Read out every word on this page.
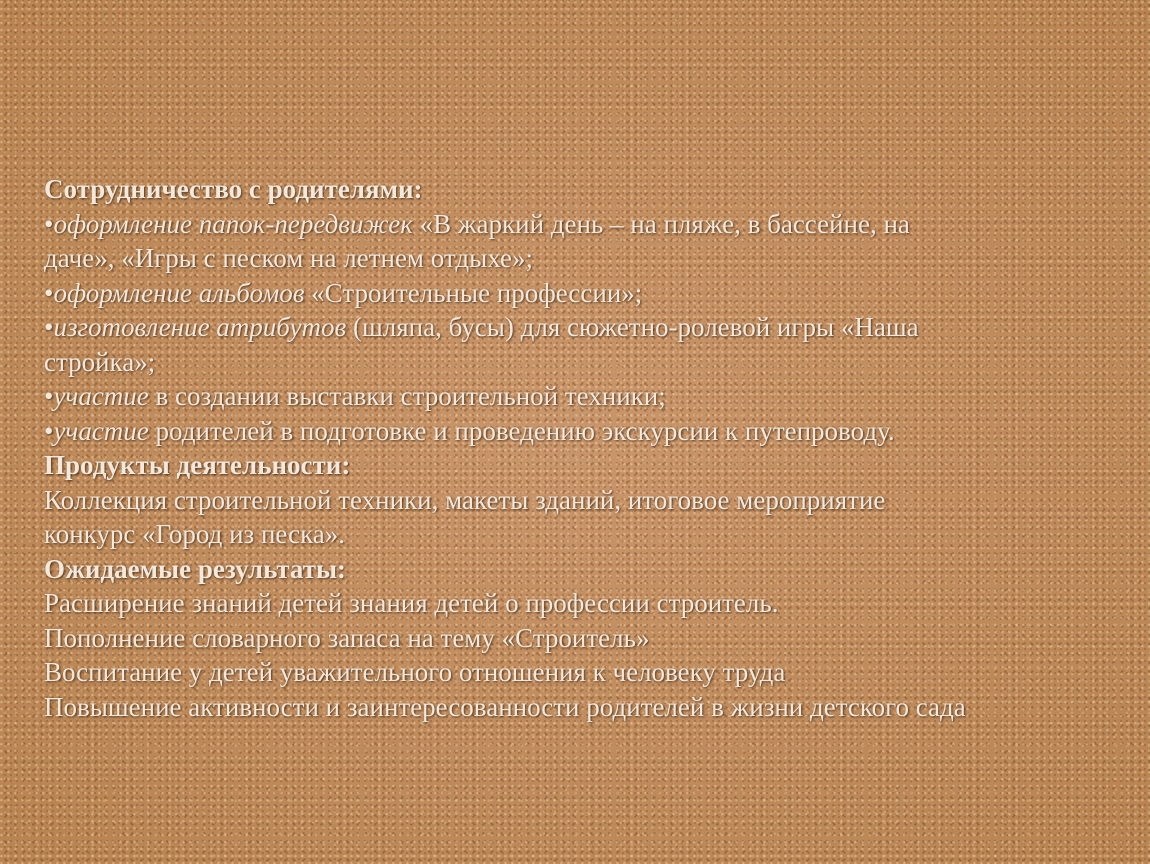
Сотрудничество с родителями:
•оформление папок-передвижек «В жаркий день – на пляже, в бассейне, на
даче», «Игры с песком на летнем отдыхе»;
•оформление альбомов «Строительные профессии»;
•изготовление атрибутов (шляпа, бусы) для сюжетно-ролевой игры «Наша
стройка»;
•участие в создании выставки строительной техники;
•участие родителей в подготовке и проведению экскурсии к путепроводу.
Продукты деятельности:
Коллекция строительной техники, макеты зданий, итоговое мероприятие
конкурс «Город из песка».
Ожидаемые результаты:
Расширение знаний детей знания детей о профессии строитель.
Пополнение словарного запаса на тему «Строитель»
Воспитание у детей уважительного отношения к человеку труда
Повышение активности и заинтересованности родителей в жизни детского сада
